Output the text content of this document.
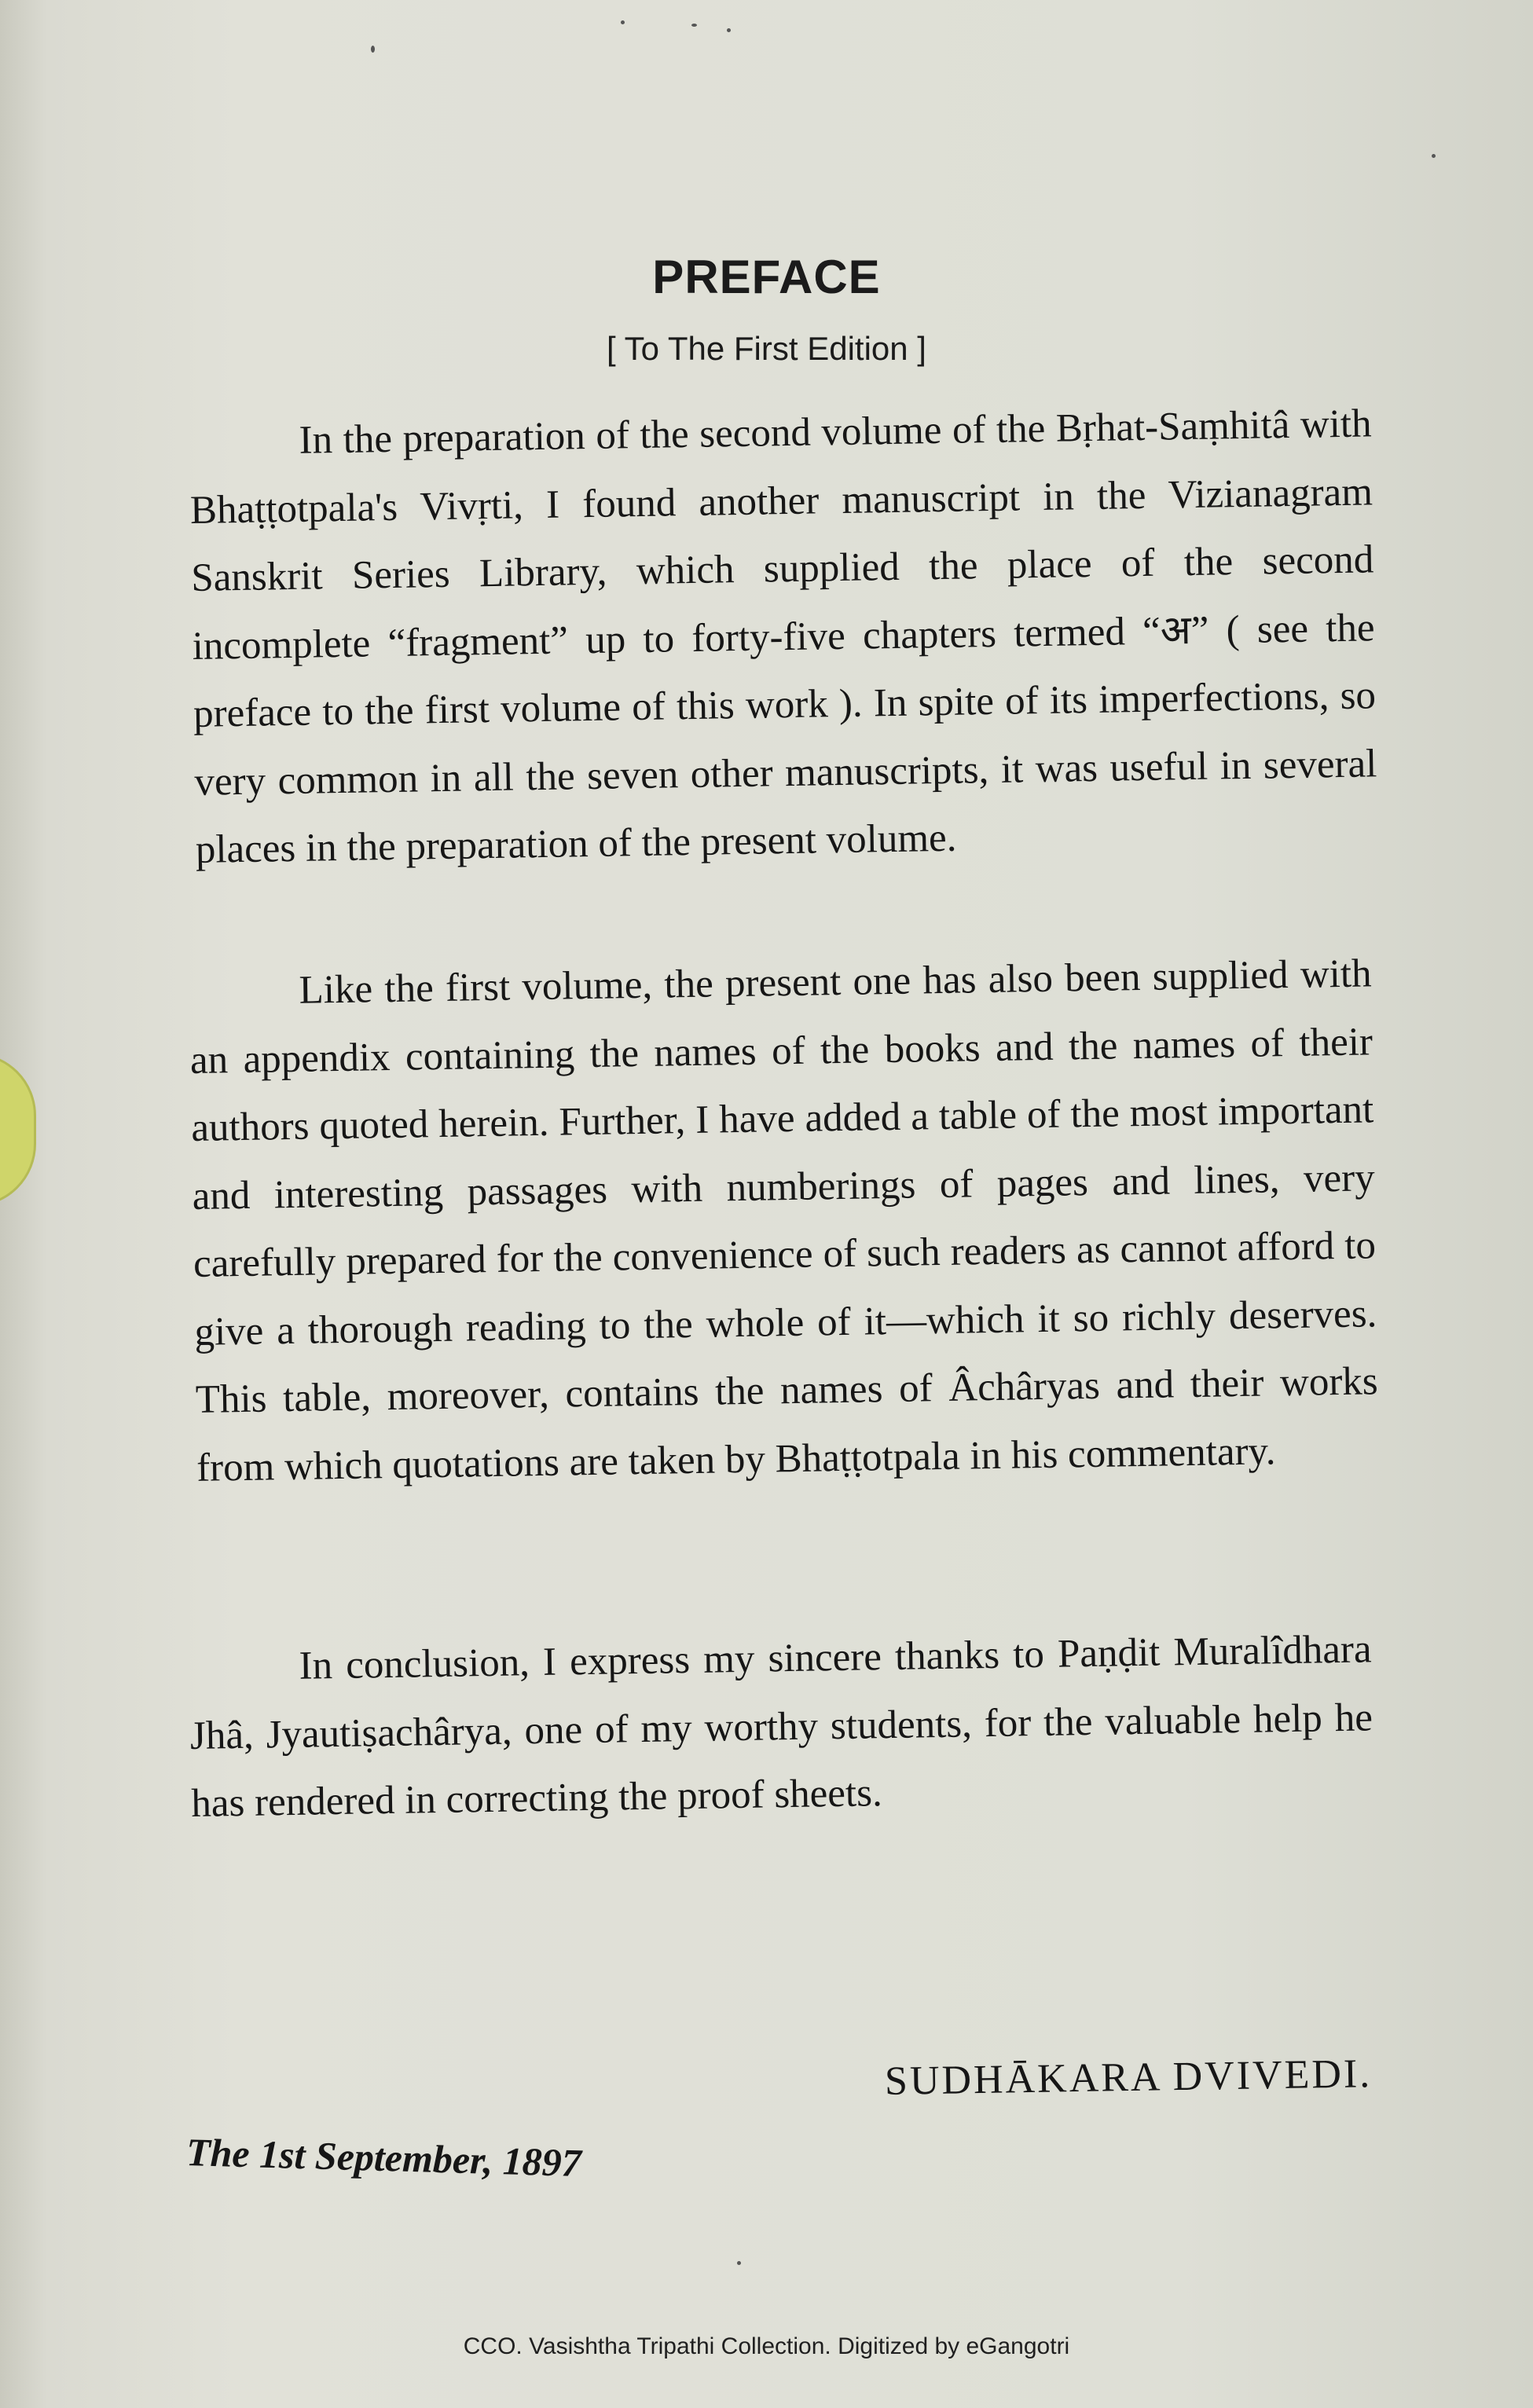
PREFACE
[ To The First Edition ]

In the preparation of the second volume of the Bṛhat-Saṃhitâ with Bhaṭṭotpala's Vivṛti, I found another manuscript in the Vizianagram Sanskrit Series Library, which supplied the place of the second incomplete “fragment” up to forty-five chapters termed “अ” ( see the preface to the first volume of this work ). In spite of its imperfections, so very common in all the seven other manuscripts, it was useful in several places in the preparation of the present volume.

Like the first volume, the present one has also been supplied with an appendix containing the names of the books and the names of their authors quoted herein. Further, I have added a table of the most important and interesting passages with numberings of pages and lines, very carefully prepared for the convenience of such readers as cannot afford to give a thorough reading to the whole of it—which it so richly deserves. This table, moreover, contains the names of Âchâryas and their works from which quotations are taken by Bhaṭṭotpala in his commentary.

In conclusion, I express my sincere thanks to Paṇḍit Muralîdhara Jhâ, Jyautiṣachârya, one of my worthy students, for the valuable help he has rendered in correcting the proof sheets.

SUDHĀKARA DVIVEDI.
The 1st September, 1897
CCO. Vasishtha Tripathi Collection. Digitized by eGangotri
